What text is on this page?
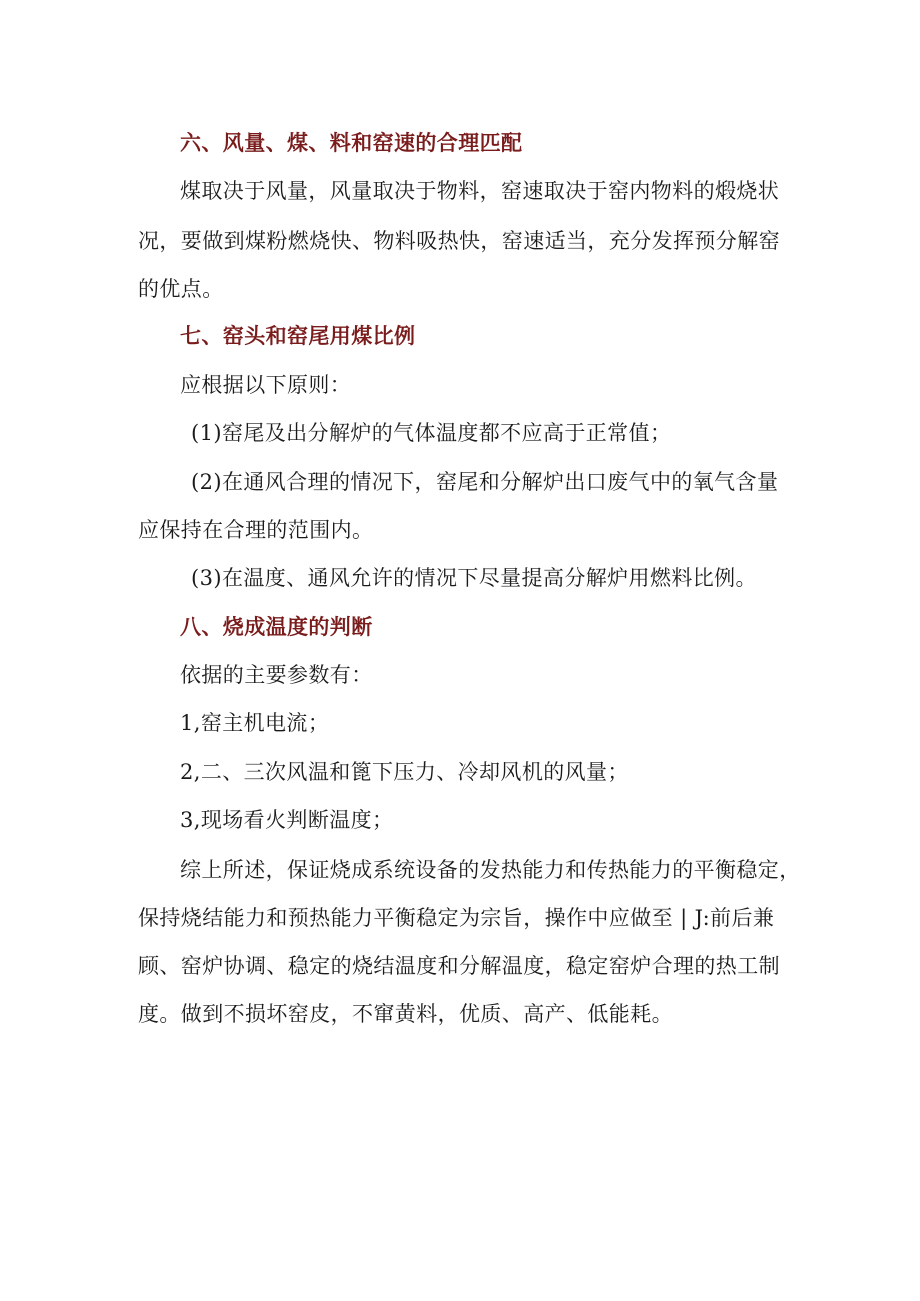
六、风量、煤、料和窑速的合理匹配
煤取决于风量，风量取决于物料，窑速取决于窑内物料的煅烧状
况，要做到煤粉燃烧快、物料吸热快，窑速适当，充分发挥预分解窑
的优点。
七、窑头和窑尾用煤比例
应根据以下原则：
(1)窑尾及出分解炉的气体温度都不应高于正常值；
(2)在通风合理的情况下，窑尾和分解炉出口废气中的氧气含量
应保持在合理的范围内。
(3)在温度、通风允许的情况下尽量提高分解炉用燃料比例。
八、烧成温度的判断
依据的主要参数有：
1,窑主机电流；
2,二、三次风温和篦下压力、冷却风机的风量；
3,现场看火判断温度；
综上所述，保证烧成系统设备的发热能力和传热能力的平衡稳定，
保持烧结能力和预热能力平衡稳定为宗旨，操作中应做至 | J:前后兼
顾、窑炉协调、稳定的烧结温度和分解温度，稳定窑炉合理的热工制
度。做到不损坏窑皮，不窜黄料，优质、高产、低能耗。
